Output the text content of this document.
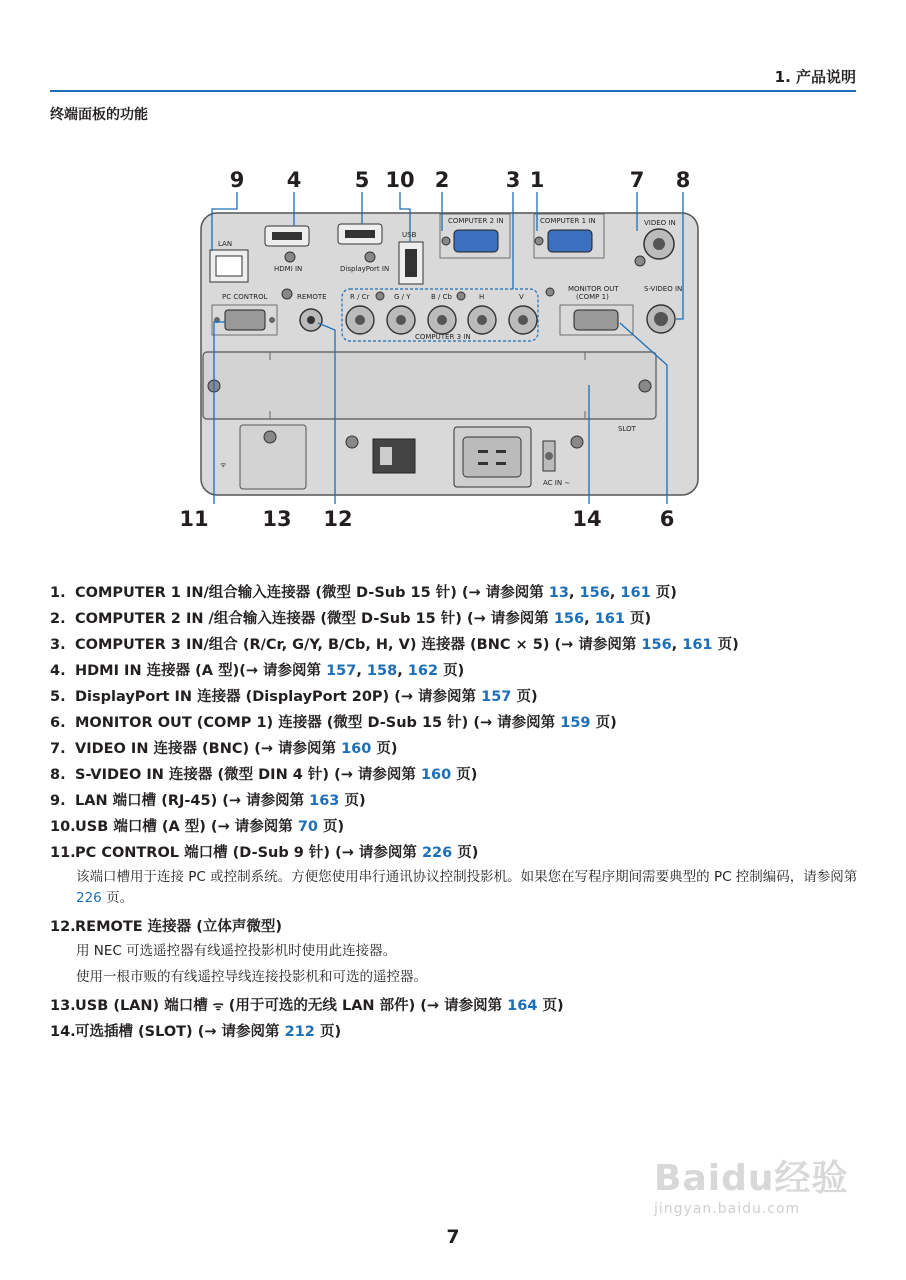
1. 产品说明
终端面板的功能
LAN
HDMI IN	DisplayPort IN
USB
COMPUTER 2 IN	COMPUTER 1 IN	VIDEO IN
PC CONTROL	REMOTE	R / Cr	G / Y	B / Cb	H	V
COMPUTER 3 IN
MONITOR OUT
(COMP 1)
S-VIDEO IN
ᯤ
SLOT
AC IN ∼
9	4	5 10 2	3 1	7	8
11	13 12	14	6
1. COMPUTER 1 IN/组合输入连接器 (微型 D-Sub 15 针) (→ 请参阅第 13, 156, 161 页)
2. COMPUTER 2 IN /组合输入连接器 (微型 D-Sub 15 针) (→ 请参阅第 156, 161 页)
3. COMPUTER 3 IN/组合 (R/Cr, G/Y, B/Cb, H, V) 连接器 (BNC × 5) (→ 请参阅第 156, 161 页)
4. HDMI IN 连接器 (A 型)(→ 请参阅第 157, 158, 162 页)
5. DisplayPort IN 连接器 (DisplayPort 20P) (→ 请参阅第 157 页)
6. MONITOR OUT (COMP 1) 连接器 (微型 D-Sub 15 针) (→ 请参阅第 159 页)
7. VIDEO IN 连接器 (BNC) (→ 请参阅第 160 页)
8. S-VIDEO IN 连接器 (微型 DIN 4 针) (→ 请参阅第 160 页)
9. LAN 端口槽 (RJ-45) (→ 请参阅第 163 页)
10.USB 端口槽 (A 型) (→ 请参阅第 70 页)
11.PC CONTROL 端口槽 (D-Sub 9 针) (→ 请参阅第 226 页)
该端口槽用于连接 PC 或控制系统。方便您使用串行通讯协议控制投影机。如果您在写程序期间需要典型的 PC 控制编码，请参阅第 226 页。
12.REMOTE 连接器 (立体声微型)
用 NEC 可选遥控器有线遥控投影机时使用此连接器。
使用一根市贩的有线遥控导线连接投影机和可选的遥控器。
13.USB (LAN) 端口槽 ᯤ (用于可选的无线 LAN 部件) (→ 请参阅第 164 页)
14.可选插槽 (SLOT) (→ 请参阅第 212 页)
Baidu经验
jingyan.baidu.com
7
